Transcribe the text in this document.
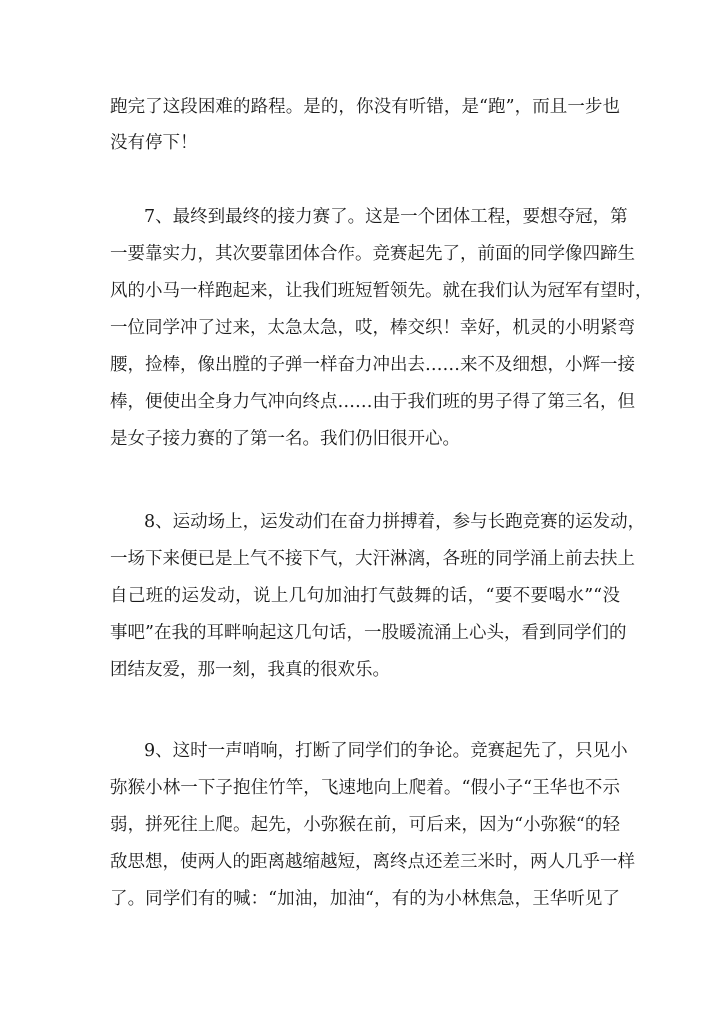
跑完了这段困难的路程。是的，你没有听错，是“跑”，而且一步也
没有停下！
7、最终到最终的接力赛了。这是一个团体工程，要想夺冠，第
一要靠实力，其次要靠团体合作。竞赛起先了，前面的同学像四蹄生
风的小马一样跑起来，让我们班短暂领先。就在我们认为冠军有望时，
一位同学冲了过来，太急太急，哎，棒交织！幸好，机灵的小明紧弯
腰，捡棒，像出膛的子弹一样奋力冲出去……来不及细想，小辉一接
棒，便使出全身力气冲向终点……由于我们班的男子得了第三名，但
是女子接力赛的了第一名。我们仍旧很开心。
8、运动场上，运发动们在奋力拼搏着，参与长跑竞赛的运发动，
一场下来便已是上气不接下气，大汗淋漓，各班的同学涌上前去扶上
自己班的运发动，说上几句加油打气鼓舞的话，“要不要喝水”“没
事吧”在我的耳畔响起这几句话，一股暖流涌上心头，看到同学们的
团结友爱，那一刻，我真的很欢乐。
9、这时一声哨响，打断了同学们的争论。竞赛起先了，只见小
弥猴小林一下子抱住竹竿，飞速地向上爬着。“假小子“王华也不示
弱，拼死往上爬。起先，小弥猴在前，可后来，因为“小弥猴“的轻
敌思想，使两人的距离越缩越短，离终点还差三米时，两人几乎一样
了。同学们有的喊：“加油，加油“，有的为小林焦急，王华听见了
